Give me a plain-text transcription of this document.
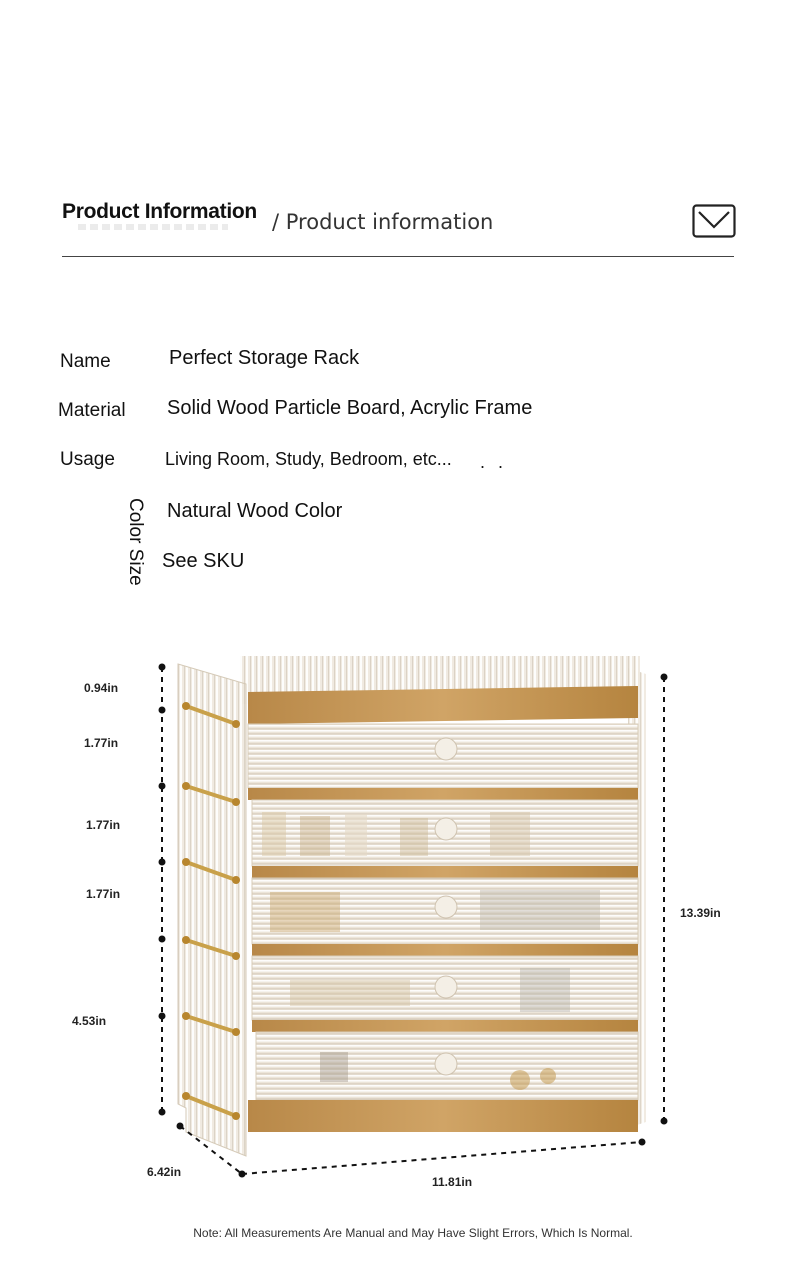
Product Information / Product information
Name	Perfect Storage Rack
Material Solid Wood Particle Board, Acrylic Frame
Usage	Living Room, Study, Bedroom, etc... . .
Color Size Natural Wood Color
See SKU
0.94in
1.77in
1.77in
1.77in
4.53in
13.39in
6.42in
11.81in
Note: All Measurements Are Manual and May Have Slight Errors, Which Is Normal.
